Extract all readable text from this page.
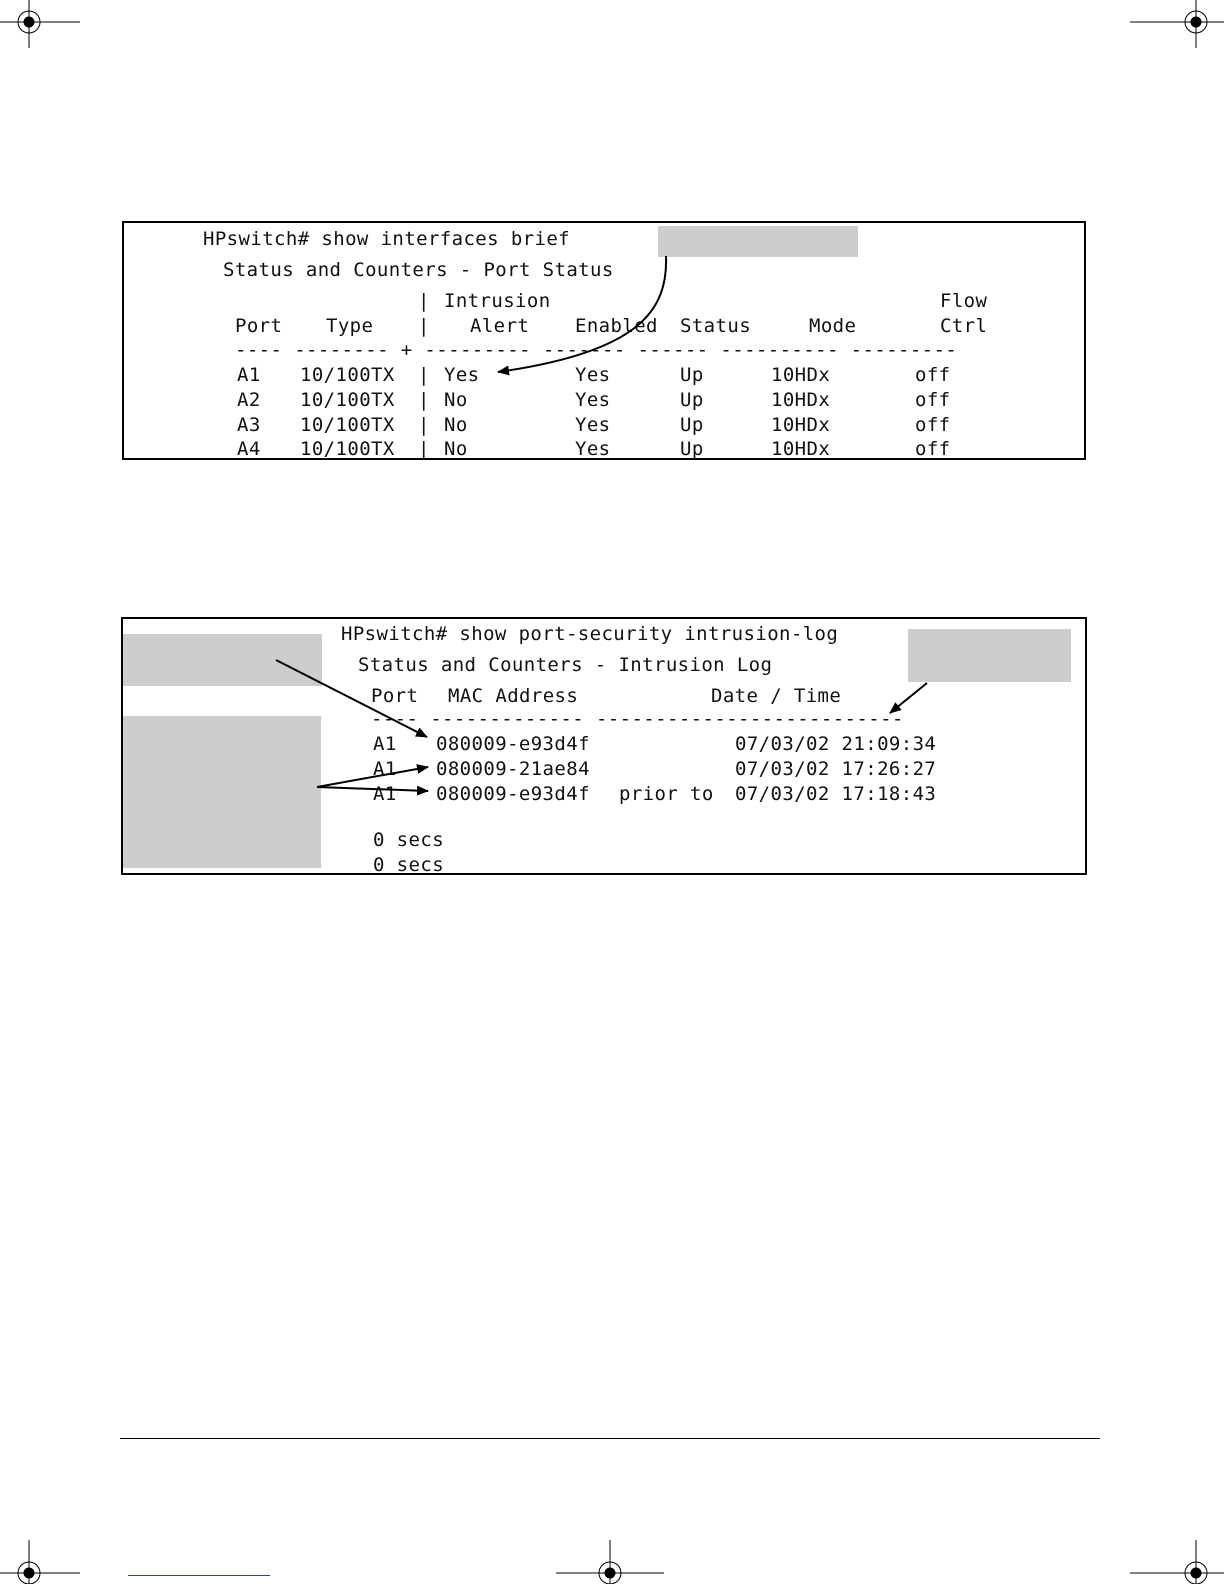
HPswitch# show interfaces brief
Status and Counters - Port Status
| Intrusion	Flow
Port Type | Alert Enabled Status	Mode	Ctrl
---- -------- + --------- ------- ------ ---------- ---------
A1 10/100TX | Yes	Yes	Up	10HDx	off
A2 10/100TX | No	Yes	Up	10HDx	off
A3 10/100TX | No	Yes	Up	10HDx	off
A4 10/100TX | No	Yes	Up	10HDx	off
HPswitch# show port-security intrusion-log
Status and Counters - Intrusion Log
Port MAC Address	Date / Time
---- ------------- --------------------------
A1 080009-e93d4f	07/03/02 21:09:34
A1 080009-21ae84	07/03/02 17:26:27
A1 080009-e93d4f prior to 07/03/02 17:18:43
0 secs
0 secs
